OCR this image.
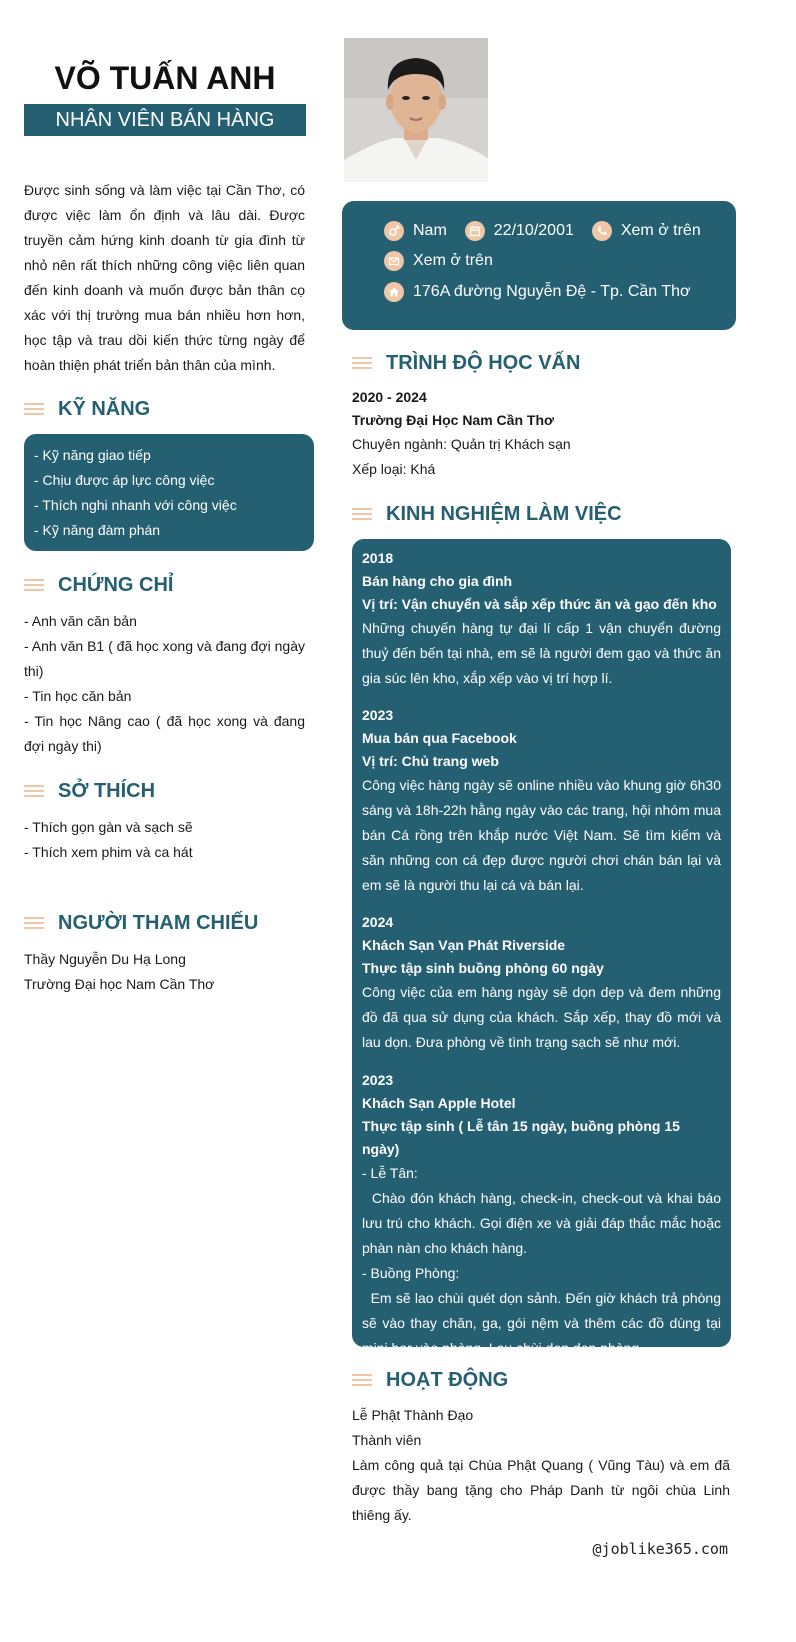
VÕ TUẤN ANH
NHÂN VIÊN BÁN HÀNG
Được sinh sống và làm việc tại Cần Thơ, có được việc làm ổn định và lâu dài. Được truyền cảm hứng kinh doanh từ gia đình từ nhỏ nên rất thích những công việc liên quan đến kinh doanh và muốn được bản thân cọ xác với thị trường mua bán nhiều hơn hơn, học tập và trau dồi kiến thức từng ngày để hoàn thiện phát triển bản thân của mình.
KỸ NĂNG
- Kỹ năng giao tiếp
- Chịu được áp lực công việc
- Thích nghi nhanh với công việc
- Kỹ năng đàm phán
CHỨNG CHỈ
- Anh văn căn bản
- Anh văn B1 ( đã học xong và đang đợi ngày thi)
- Tin học căn bản
- Tin học Nâng cao ( đã học xong và đang đợi ngày thi)
SỞ THÍCH
- Thích gọn gàn và sạch sẽ
- Thích xem phim và ca hát
NGƯỜI THAM CHIẾU
Thầy Nguyễn Du Hạ Long
Trường Đại học Nam Cần Thơ
Nam	22/10/2001	Xem ở trên
Xem ở trên
176A đường Nguyễn Đệ - Tp. Cần Thơ
TRÌNH ĐỘ HỌC VẤN
2020 - 2024
Trường Đại Học Nam Cần Thơ
Chuyên ngành: Quản trị Khách sạn
Xếp loại: Khá
KINH NGHIỆM LÀM VIỆC
2018
Bán hàng cho gia đình
Vị trí: Vận chuyển và sắp xếp thức ăn và gạo đến kho
Những chuyến hàng tự đại lí cấp 1 vận chuyển đường thuỷ đến bến tại nhà, em sẽ là người đem gạo và thức ăn gia súc lên kho, xắp xếp vào vị trí hợp lí.
2023
Mua bán qua Facebook
Vị trí: Chủ trang web
Công việc hàng ngày sẽ online nhiều vào khung giờ 6h30 sáng và 18h-22h hằng ngày vào các trang, hội nhóm mua bán Cá rồng trên khắp nước Việt Nam. Sẽ tìm kiếm và săn những con cá đẹp được người chơi chán bán lại và em sẽ là người thu lại cá và bán lại.
2024
Khách Sạn Vạn Phát Riverside
Thực tập sinh buồng phòng 60 ngày
Công việc của em hàng ngày sẽ dọn dẹp và đem những đồ đã qua sử dụng của khách. Sắp xếp, thay đồ mới và lau dọn. Đưa phòng về tình trạng sạch sẽ như mới.
2023
Khách Sạn Apple Hotel
Thực tập sinh ( Lễ tân 15 ngày, buồng phòng 15 ngày)
- Lễ Tân:
Chào đón khách hàng, check-in, check-out và khai báo lưu trú cho khách. Gọi điện xe và giải đáp thắc mắc hoặc phàn nàn cho khách hàng.
- Buồng Phòng:
Em sẽ lao chùi quét dọn sảnh. Đến giờ khách trả phòng sẽ vào thay chăn, ga, gói nệm và thêm các đồ dùng tại mini bar vào phòng. Lau chùi dọn dẹp phòng.
HOẠT ĐỘNG
Lễ Phật Thành Đạo
Thành viên
Làm công quả tại Chùa Phật Quang ( Vũng Tàu) và em đã được thầy bang tặng cho Pháp Danh từ ngôi chùa Linh thiêng ấy.
@joblike365.com
